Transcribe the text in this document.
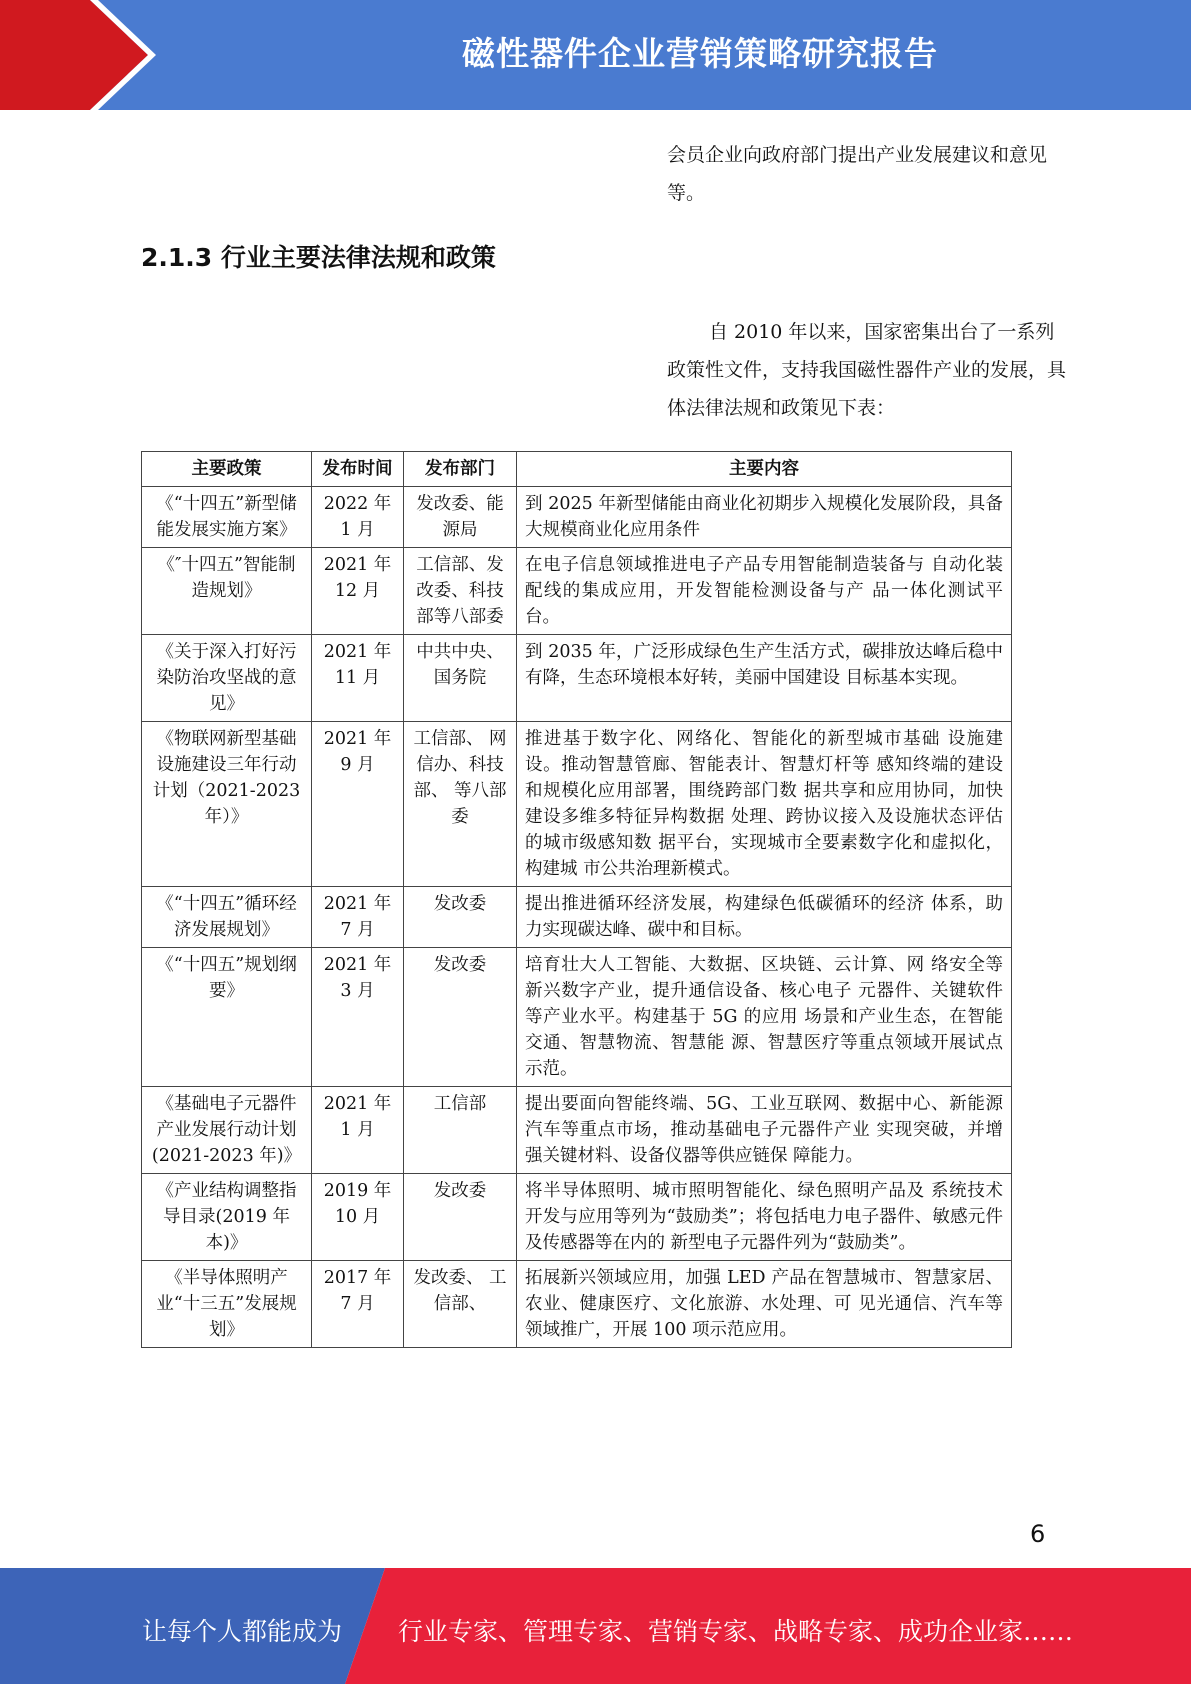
磁性器件企业营销策略研究报告
会员企业向政府部门提出产业发展建议和意见等。
2.1.3 行业主要法律法规和政策
自 2010 年以来，国家密集出台了一系列政策性文件，支持我国磁性器件产业的发展，具体法律法规和政策见下表：
主要政策	发布时间	发布部门	主要内容
《“十四五”新型储能发展实施方案》	2022 年 1 月	发改委、能源局	到 2025 年新型储能由商业化初期步入规模化发展阶段，具备大规模商业化应用条件
《″十四五”智能制造规划》	2021 年 12 月	工信部、发改委、科技部等八部委	在电子信息领域推进电子产品专用智能制造装备与 自动化装配线的集成应用，开发智能检测设备与产 品一体化测试平台。
《关于深入打好污染防治攻坚战的意见》	2021 年 11 月	中共中央、国务院	到 2035 年，广泛形成绿色生产生活方式，碳排放达峰后稳中有降，生态环境根本好转，美丽中国建设 目标基本实现。
《物联网新型基础设施建设三年行动计划（2021-2023 年）》	2021 年 9 月	工信部、 网信办、科技部、 等八部委	推进基于数字化、网络化、智能化的新型城市基础 设施建设。推动智慧管廊、智能表计、智慧灯杆等 感知终端的建设和规模化应用部署，围绕跨部门数 据共享和应用协同，加快建设多维多特征异构数据 处理、跨协议接入及设施状态评估的城市级感知数 据平台，实现城市全要素数字化和虚拟化，构建城 市公共治理新模式。
《“十四五”循环经济发展规划》	2021 年 7 月	发改委	提出推进循环经济发展，构建绿色低碳循环的经济 体系，助力实现碳达峰、碳中和目标。
《“十四五”规划纲要》	2021 年 3 月	发改委	培育壮大人工智能、大数据、区块链、云计算、网 络安全等新兴数字产业，提升通信设备、核心电子 元器件、关键软件等产业水平。构建基于 5G 的应用 场景和产业生态，在智能交通、智慧物流、智慧能 源、智慧医疗等重点领域开展试点示范。
《基础电子元器件产业发展行动计划(2021-2023 年)》	2021 年 1 月	工信部	提出要面向智能终端、5G、工业互联网、数据中心、新能源汽车等重点市场，推动基础电子元器件产业 实现突破，并增强关键材料、设备仪器等供应链保 障能力。
《产业结构调整指导目录(2019 年本)》	2019 年 10 月	发改委	将半导体照明、城市照明智能化、绿色照明产品及 系统技术开发与应用等列为“鼓励类”；将包括电力电子器件、敏感元件及传感器等在内的 新型电子元器件列为“鼓励类”。
《半导体照明产业“十三五”发展规划》	2017 年 7 月	发改委、 工信部、	拓展新兴领域应用，加强 LED 产品在智慧城市、智慧家居、农业、健康医疗、文化旅游、水处理、可 见光通信、汽车等领域推广，开展 100 项示范应用。
6
让每个人都能成为 行业专家、管理专家、营销专家、战略专家、成功企业家……
